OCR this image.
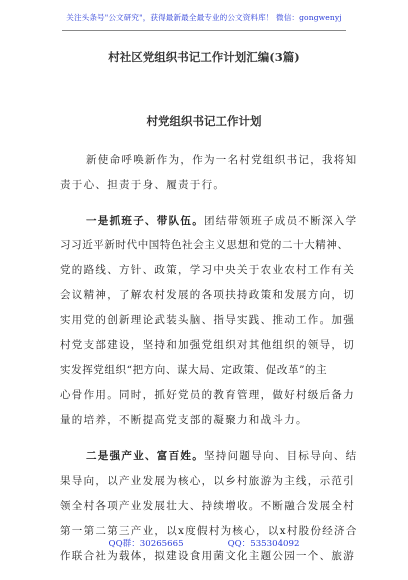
关注头条号"公文研究"，获得最新最全最专业的公文资料库！ 微信：gongwenyj
村社区党组织书记工作计划汇编(3篇)
村党组织书记工作计划
新使命呼唤新作为，作为一名村党组织书记，我将知
责于心、担责于身、履责于行。
一是抓班子、带队伍。团结带领班子成员不断深入学
习习近平新时代中国特色社会主义思想和党的二十大精神、
党的路线、方针、政策，学习中央关于农业农村工作有关
会议精神，了解农村发展的各项扶持政策和发展方向，切
实用党的创新理论武装头脑、指导实践、推动工作。加强
村党支部建设，坚持和加强党组织对其他组织的领导，切
实发挥党组织“把方向、谋大局、定政策、促改革”的主
心骨作用。同时，抓好党员的教育管理，做好村级后备力
量的培养，不断提高党支部的凝聚力和战斗力。
二是强产业、富百姓。坚持问题导向、目标导向、结
果导向，以产业发展为核心，以乡村旅游为主线，示范引
领全村各项产业发展壮大、持续增收。不断融合发展全村
第一第二第三产业，以x度假村为核心，以x村股份经济合
作联合社为载体，拟建设食用菌文化主题公园一个、旅游
QQ群：30265665	QQ：535304092
